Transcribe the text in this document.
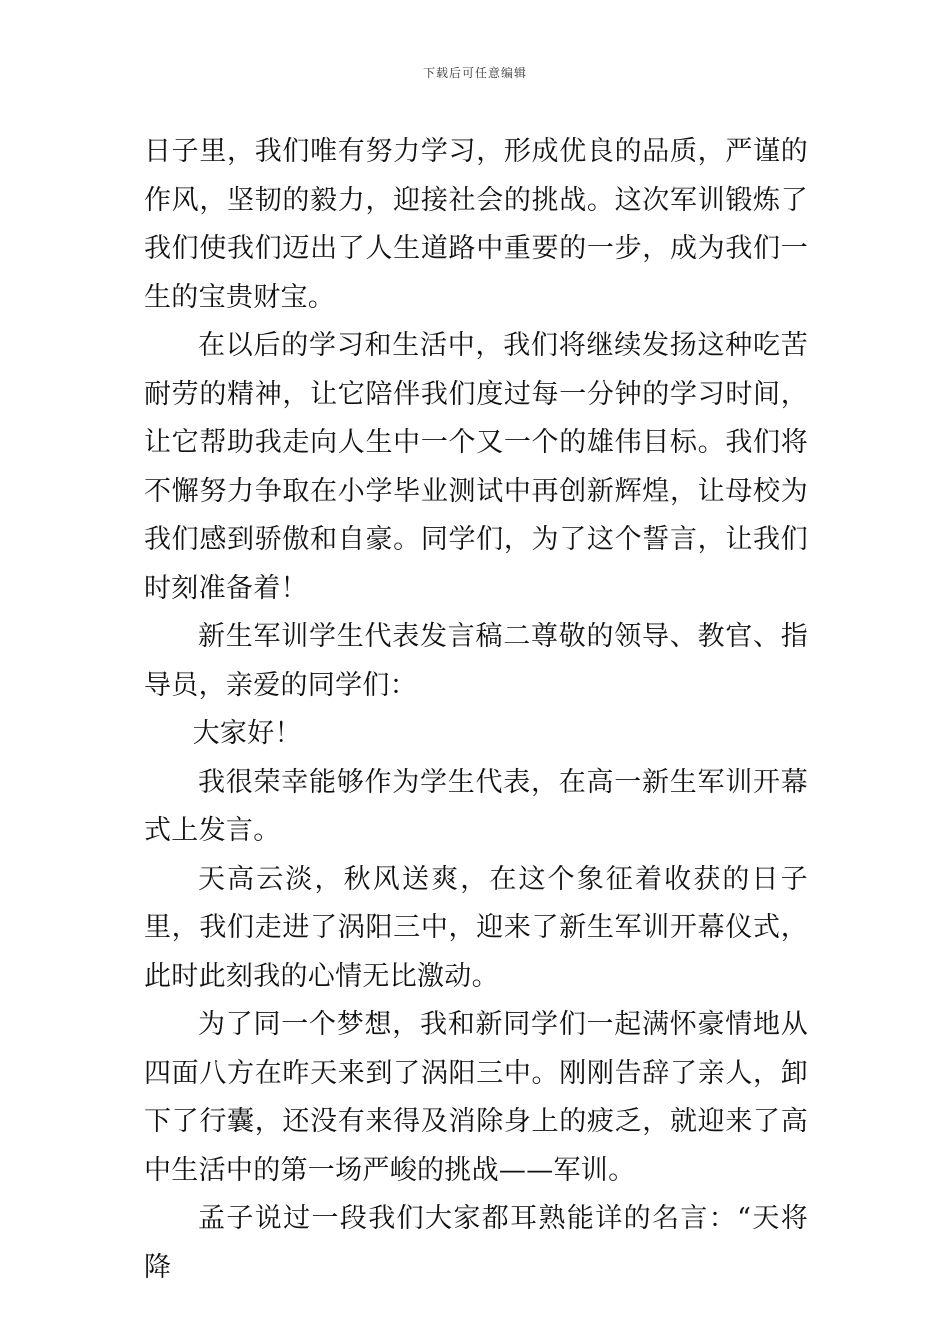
下载后可任意编辑

日子里，我们唯有努力学习，形成优良的品质，严谨的作风，坚韧的毅力，迎接社会的挑战。这次军训锻炼了我们使我们迈出了人生道路中重要的一步，成为我们一生的宝贵财宝。

在以后的学习和生活中，我们将继续发扬这种吃苦耐劳的精神，让它陪伴我们度过每一分钟的学习时间，让它帮助我走向人生中一个又一个的雄伟目标。我们将不懈努力争取在小学毕业测试中再创新辉煌，让母校为我们感到骄傲和自豪。同学们，为了这个誓言，让我们时刻准备着！

新生军训学生代表发言稿二尊敬的领导、教官、指导员，亲爱的同学们：

大家好！

我很荣幸能够作为学生代表，在高一新生军训开幕式上发言。

天高云淡，秋风送爽，在这个象征着收获的日子里，我们走进了涡阳三中，迎来了新生军训开幕仪式，此时此刻我的心情无比激动。

为了同一个梦想，我和新同学们一起满怀豪情地从四面八方在昨天来到了涡阳三中。刚刚告辞了亲人，卸下了行囊，还没有来得及消除身上的疲乏，就迎来了高中生活中的第一场严峻的挑战——军训。

孟子说过一段我们大家都耳熟能详的名言：“天将降
